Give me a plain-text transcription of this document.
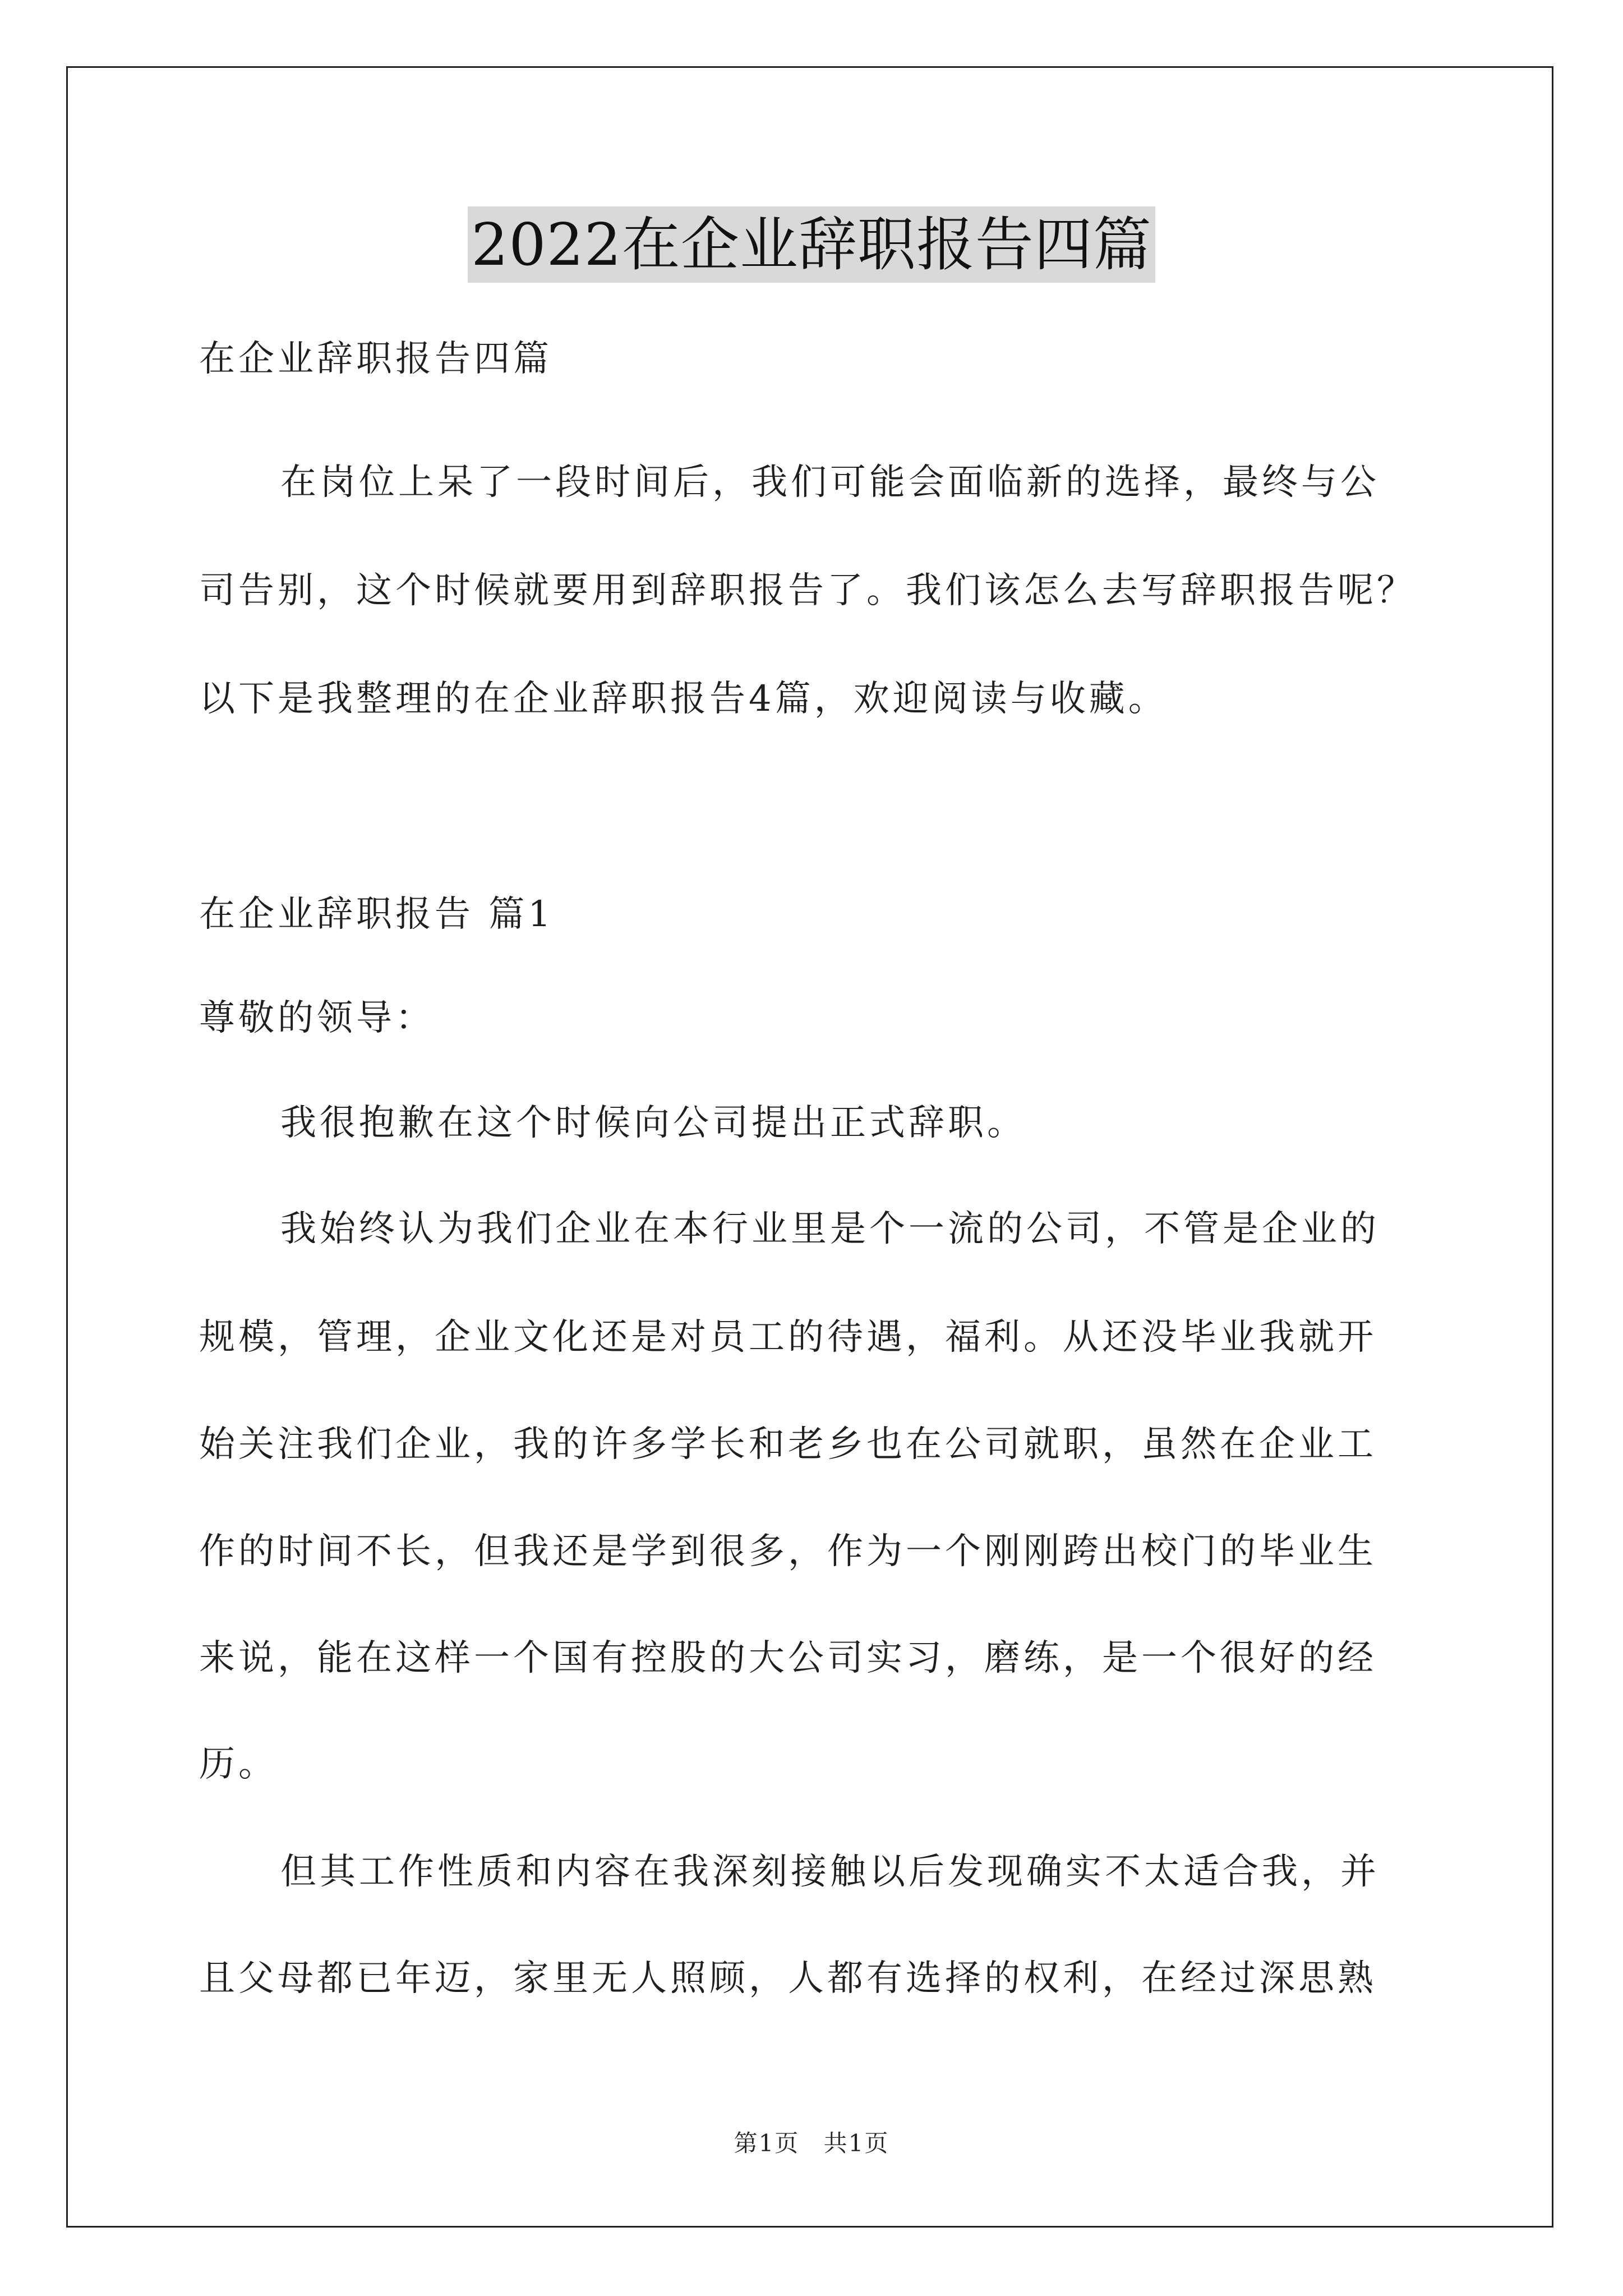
2022在企业辞职报告四篇
在企业辞职报告四篇
在岗位上呆了一段时间后，我们可能会面临新的选择，最终与公
司告别，这个时候就要用到辞职报告了。我们该怎么去写辞职报告呢？
以下是我整理的在企业辞职报告4篇，欢迎阅读与收藏。
在企业辞职报告 篇1
尊敬的领导：
我很抱歉在这个时候向公司提出正式辞职。
我始终认为我们企业在本行业里是个一流的公司，不管是企业的
规模，管理，企业文化还是对员工的待遇，福利。从还没毕业我就开
始关注我们企业，我的许多学长和老乡也在公司就职，虽然在企业工
作的时间不长，但我还是学到很多，作为一个刚刚跨出校门的毕业生
来说，能在这样一个国有控股的大公司实习，磨练，是一个很好的经
历。
但其工作性质和内容在我深刻接触以后发现确实不太适合我，并
且父母都已年迈，家里无人照顾，人都有选择的权利，在经过深思熟
第1页 共1页
